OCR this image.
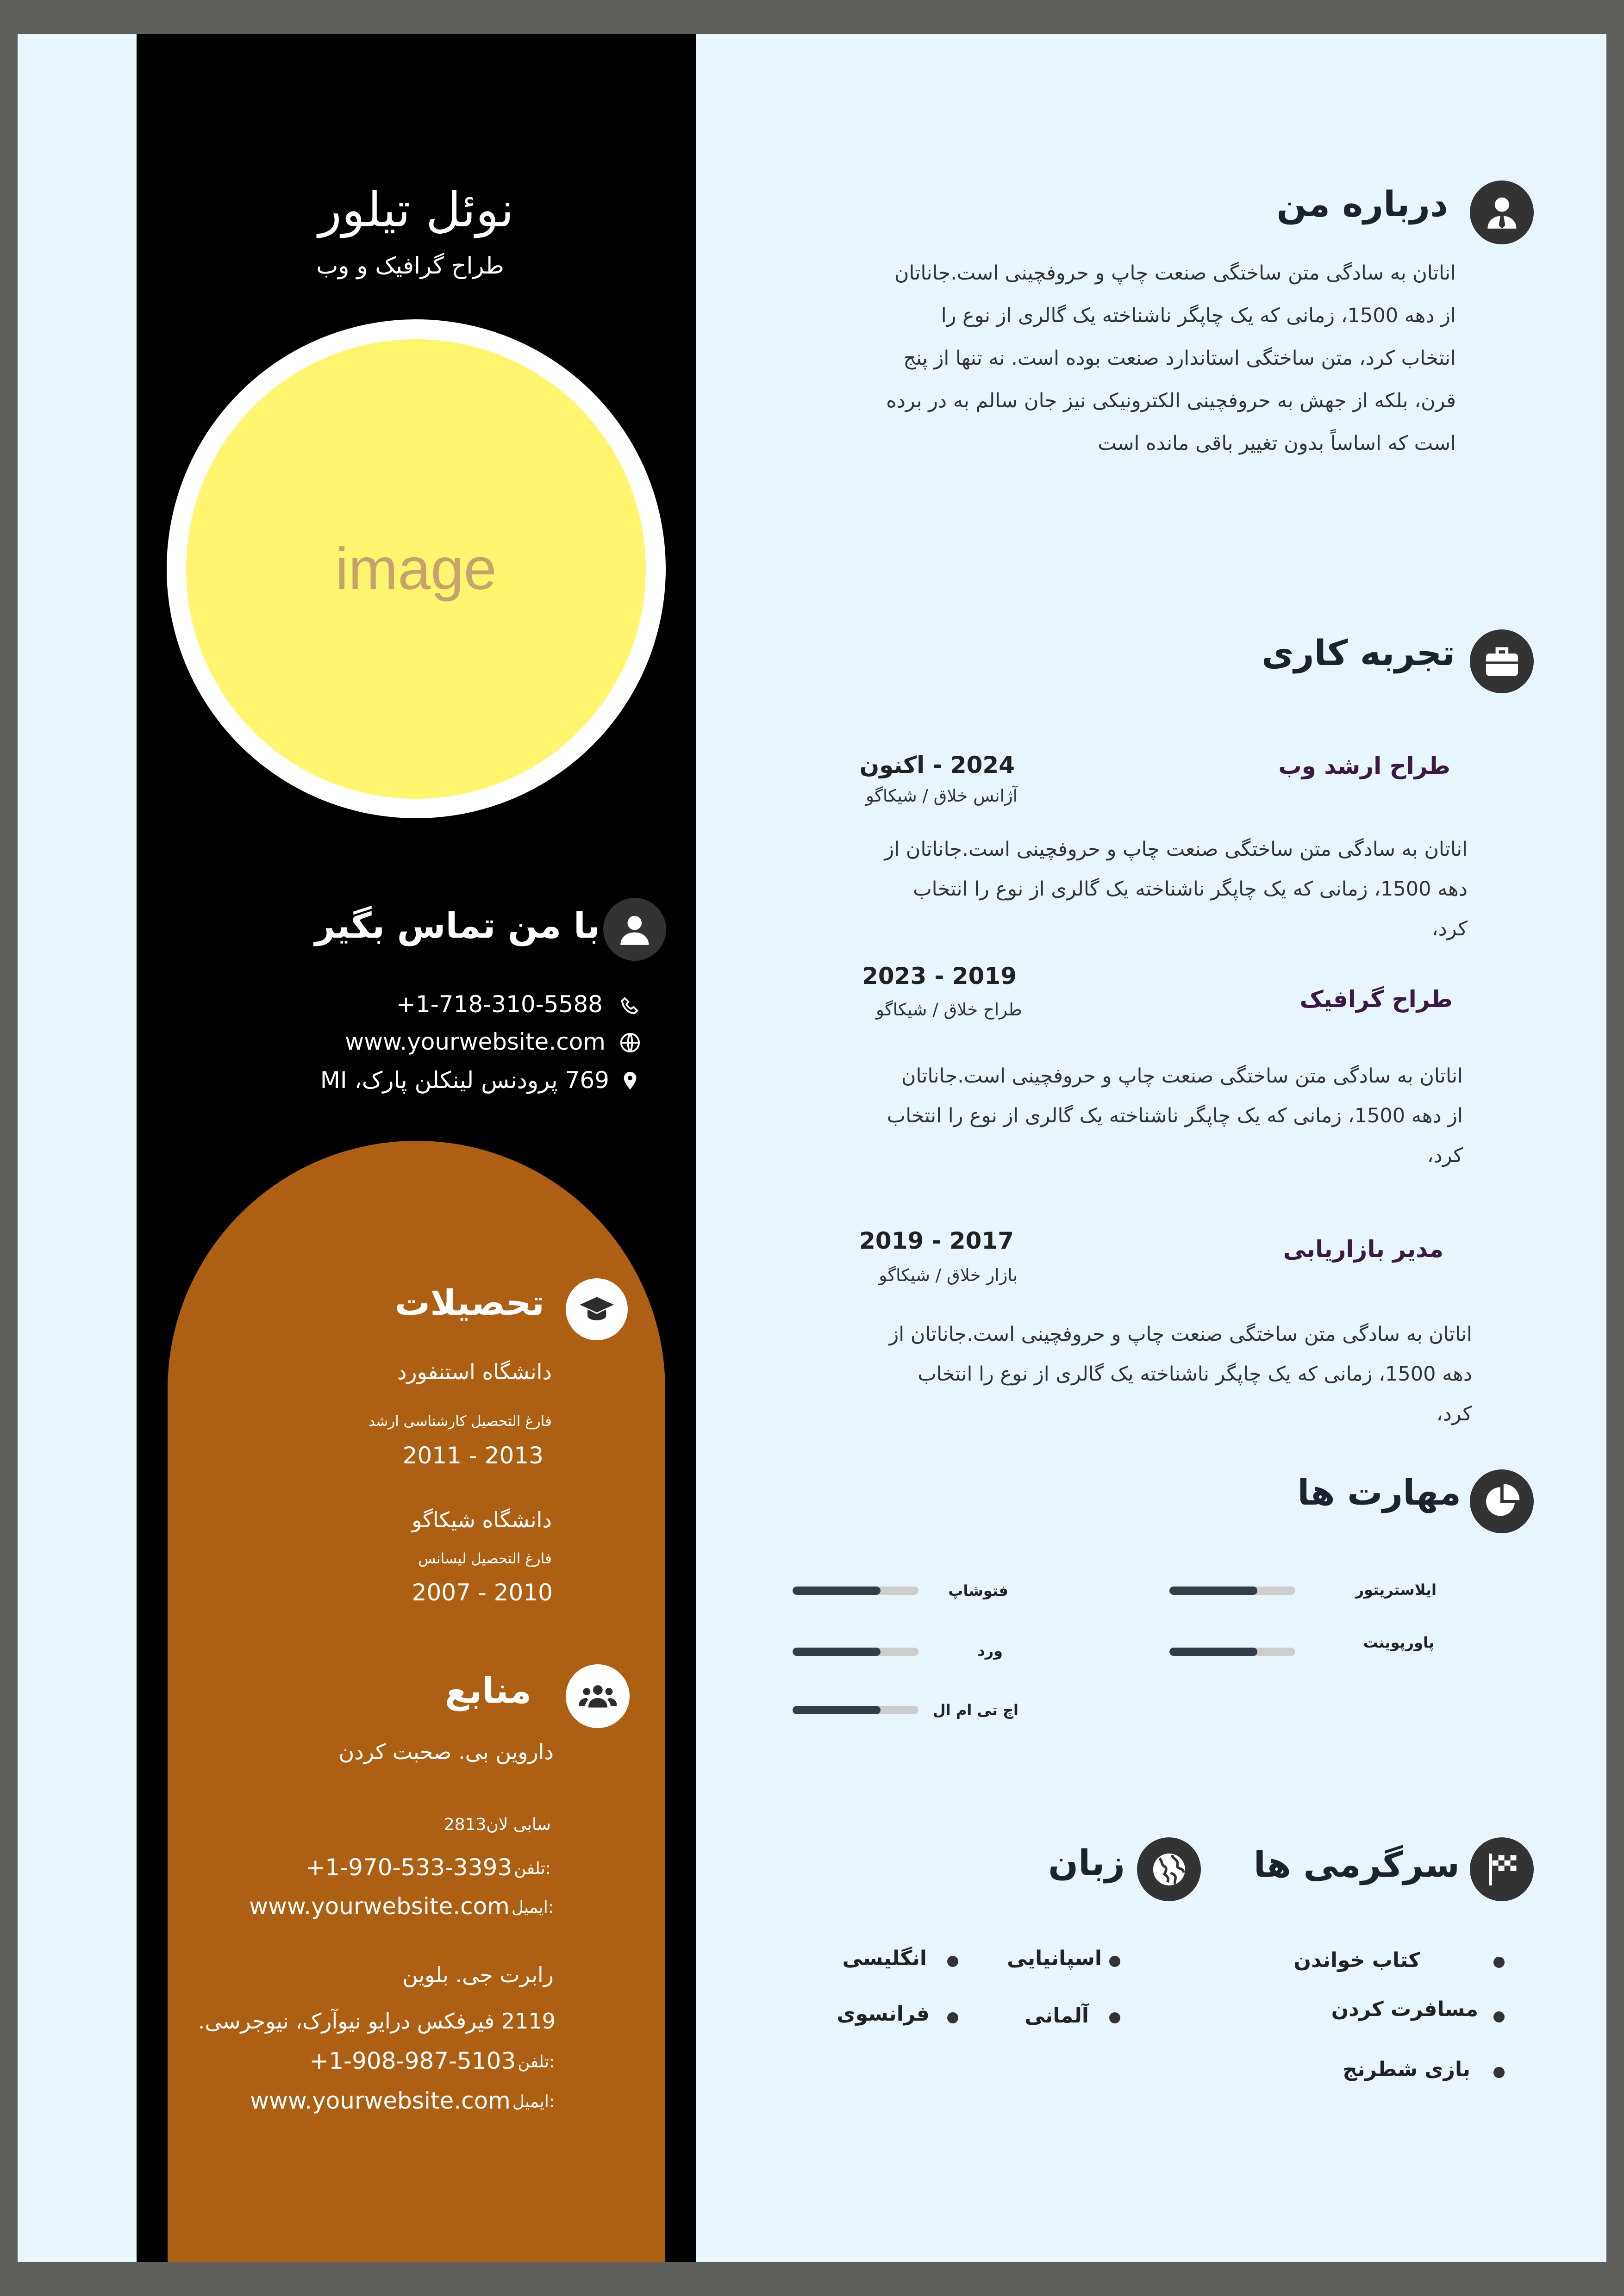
نوئل تیلور
طراح گرافیک و وب
image
با من تماس بگیر
+1-718-310-5588
www.yourwebsite.com
769 پرودنس لینکلن پارک، MI
تحصیلات
دانشگاه استنفورد
فارغ التحصیل کارشناسی ارشد
2011 - 2013
دانشگاه شیکاگو
فارغ التحصیل لیسانس
2007 - 2010
منابع
داروین بی. صحبت کردن
سابی لان2813
+1-970-533-3393 تلفن:
www.yourwebsite.com ایمیل:
رابرت جی. بلوین
2119 فیرفکس درایو نیوآرک، نیوجرسی.
+1-908-987-5103 تلفن:
www.yourwebsite.com ایمیل:
درباره من
اناتان به سادگی متن ساختگی صنعت چاپ و حروفچینی است.جاناتان از دهه 1500، زمانی که یک چاپگر ناشناخته یک گالری از نوع را انتخاب کرد، متن ساختگی استاندارد صنعت بوده است. نه تنها از پنج قرن، بلکه از جهش به حروفچینی الکترونیکی نیز جان سالم به در برده است که اساساً بدون تغییر باقی مانده است
تجربه کاری
طراح ارشد وب
2024 - اکنون
آژانس خلاق / شیکاگو
اناتان به سادگی متن ساختگی صنعت چاپ و حروفچینی است.جاناتان از دهه 1500، زمانی که یک چاپگر ناشناخته یک گالری از نوع را انتخاب کرد،
طراح گرافیک
2019 - 2023
طراح خلاق / شیکاگو
اناتان به سادگی متن ساختگی صنعت چاپ و حروفچینی است.جاناتان از دهه 1500، زمانی که یک چاپگر ناشناخته یک گالری از نوع را انتخاب کرد،
مدیر بازاریابی
2017 - 2019
بازار خلاق / شیکاگو
اناتان به سادگی متن ساختگی صنعت چاپ و حروفچینی است.جاناتان از دهه 1500، زمانی که یک چاپگر ناشناخته یک گالری از نوع را انتخاب کرد،
مهارت ها
ایلاستریتور
فتوشاپ
پاورپوینت
ورد
اچ تی ام ال
سرگرمی ها
کتاب خواندن
مسافرت کردن
بازی شطرنج
زبان
انگلیسی	اسپانیایی
فرانسوی	آلمانی
